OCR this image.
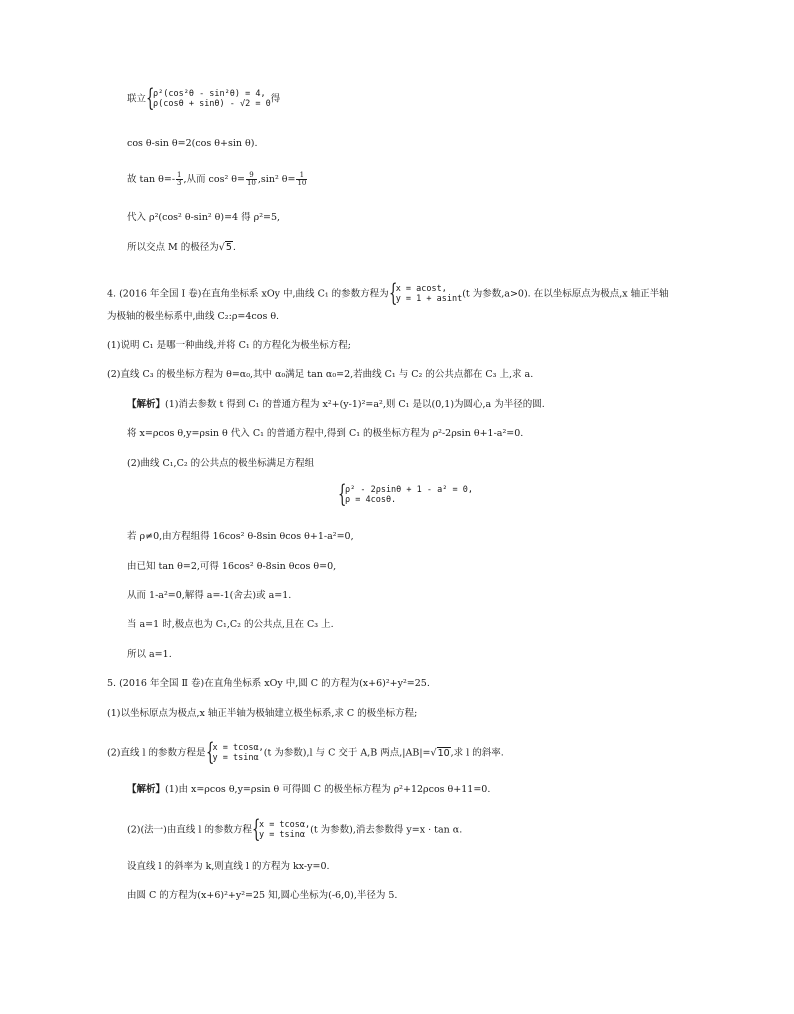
联立 {
ρ²(cos²θ - sin²θ) = 4,
ρ(cosθ + sinθ) - √2 = 0 得
cos θ-sin θ=2(cos θ+sin θ).
故 $\tan \theta=- \frac{1}{3}$ ,从而 cos² $\theta= \frac{9}{10} ,\sin^2$ $\theta= \frac{1}{10}$
代入 ρ²(cos² θ-sin² θ)=4 得 ρ²=5,
所以交点 M 的极径为√5.
4. (2016 年全国 Ⅰ 卷)在直角坐标系 xOy 中,曲线 C₁ 的参数方程为 {
x = acost,
y = 1 + asint (t 为参数,a>0). 在以坐标原点为极点,x 轴正半轴
为极轴的极坐标系中,曲线 C₂:ρ=4cos θ.
(1)说明 C₁ 是哪一种曲线,并将 C₁ 的方程化为极坐标方程;
(2)直线 C₃ 的极坐标方程为 θ=α₀,其中 α₀满足 tan α₀=2,若曲线 C₁ 与 C₂ 的公共点都在 C₃ 上,求 a.
【解析】(1)消去参数 t 得到 C₁ 的普通方程为 x²+(y-1)²=a²,则 C₁ 是以(0,1)为圆心,a 为半径的圆.
将 x=ρcos θ,y=ρsin θ 代入 C₁ 的普通方程中,得到 C₁ 的极坐标方程为 ρ²-2ρsin θ+1-a²=0.
(2)曲线 C₁,C₂ 的公共点的极坐标满足方程组
{
ρ² - 2ρsinθ + 1 - a² = 0,
ρ = 4cosθ.
若 ρ≠0,由方程组得 16cos² θ-8sin θcos θ+1-a²=0,
由已知 tan θ=2,可得 16cos² θ-8sin θcos θ=0,
从而 1-a²=0,解得 a=-1(舍去)或 a=1.
当 a=1 时,极点也为 C₁,C₂ 的公共点,且在 C₃ 上.
所以 a=1.
5. (2016 年全国 Ⅱ 卷)在直角坐标系 xOy 中,圆 C 的方程为(x+6)²+y²=25.
(1)以坐标原点为极点,x 轴正半轴为极轴建立极坐标系,求 C 的极坐标方程;
(2)直线 l 的参数方程是 {
x = tcosα,
y = tsinα (t 为参数),l 与 C 交于 A,B 两点,|AB|=√10,求 l 的斜率.
【解析】(1)由 x=ρcos θ,y=ρsin θ 可得圆 C 的极坐标方程为 ρ²+12ρcos θ+11=0.
(2)(法一)由直线 l 的参数方程 {
x = tcosα,
y = tsinα (t 为参数),消去参数得 y=x · tan α.
设直线 l 的斜率为 k,则直线 l 的方程为 kx-y=0.
由圆 C 的方程为(x+6)²+y²=25 知,圆心坐标为(-6,0),半径为 5.
